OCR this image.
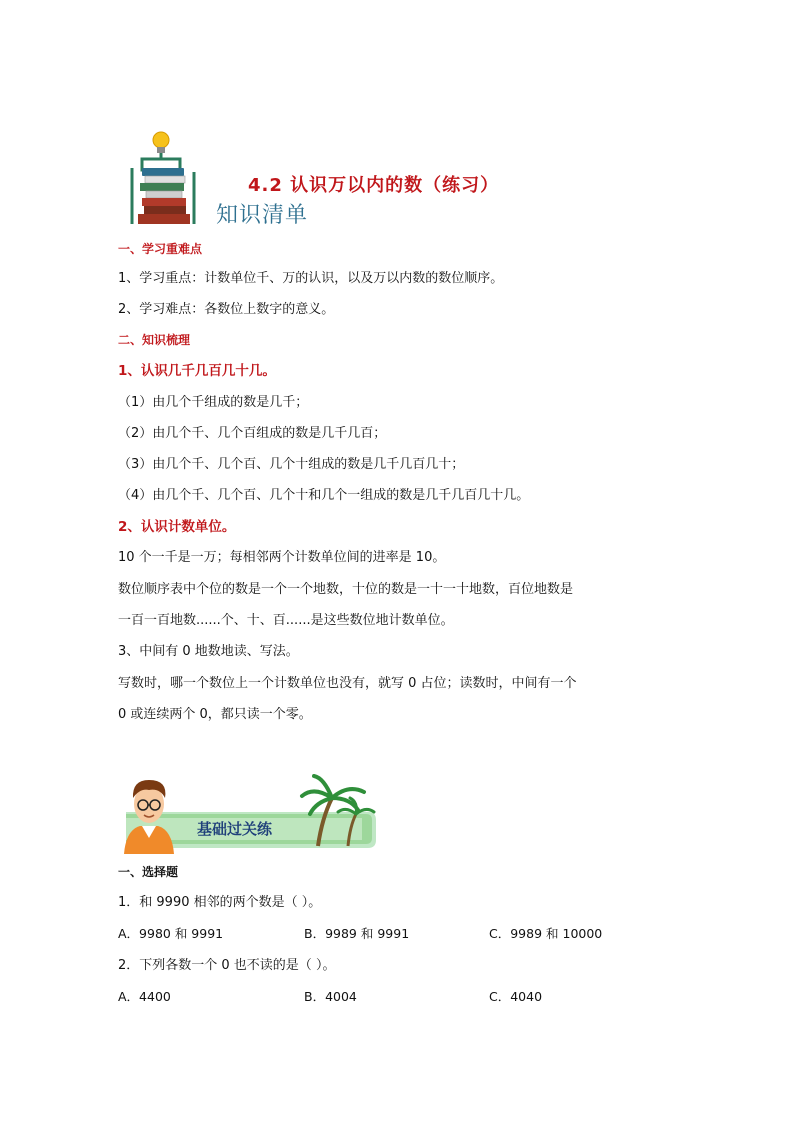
4.2 认识万以内的数（练习）
知识清单
一、学习重难点
1、学习重点：计数单位千、万的认识，以及万以内数的数位顺序。
2、学习难点：各数位上数字的意义。
二、知识梳理
1、认识几千几百几十几。
（1）由几个千组成的数是几千；
（2）由几个千、几个百组成的数是几千几百；
（3）由几个千、几个百、几个十组成的数是几千几百几十；
（4）由几个千、几个百、几个十和几个一组成的数是几千几百几十几。
2、认识计数单位。
10 个一千是一万；每相邻两个计数单位间的进率是 10。
数位顺序表中个位的数是一个一个地数，十位的数是一十一十地数，百位地数是
一百一百地数......个、十、百......是这些数位地计数单位。
3、中间有 0 地数地读、写法。
写数时，哪一个数位上一个计数单位也没有，就写 0 占位；读数时，中间有一个
0 或连续两个 0，都只读一个零。
基础过关练
一、选择题
1．和 9990 相邻的两个数是（ ）。
A．9980 和 9991	B．9989 和 9991	C．9989 和 10000
2．下列各数一个 0 也不读的是（ ）。
A．4400	B．4004	C．4040
